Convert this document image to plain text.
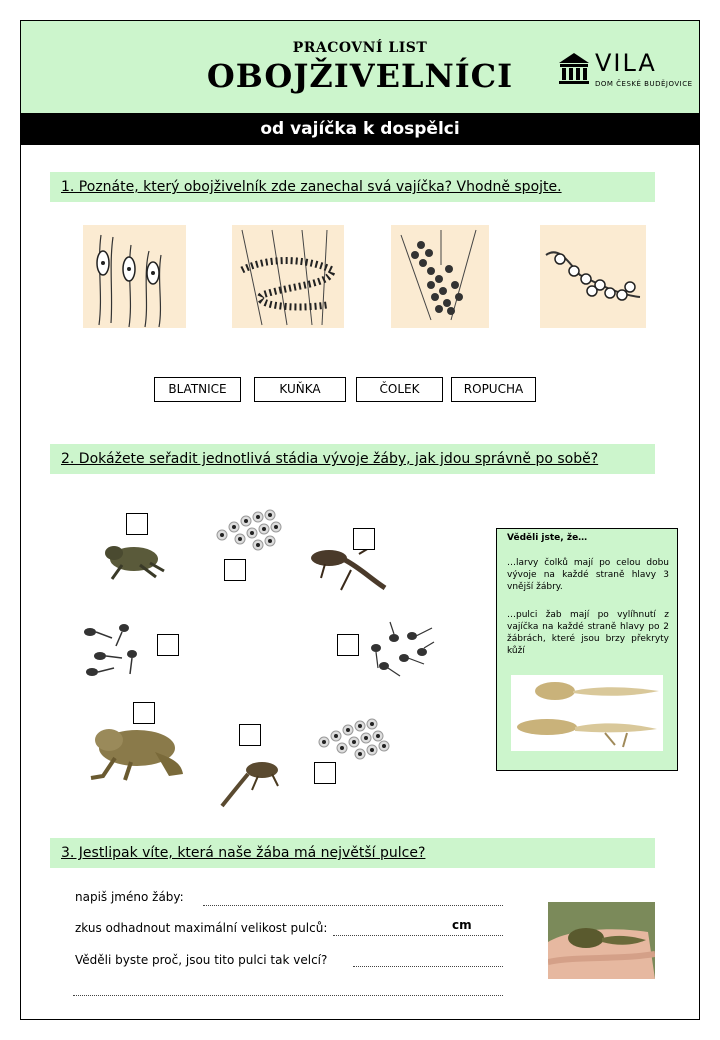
PRACOVNÍ LIST
OBOJŽIVELNÍCI	VILA
DOM ČESKÉ BUDĚJOVICE
od vajíčka k dospělci
1. Poznáte, který obojživelník zde zanechal svá vajíčka? Vhodně spojte.
BLATNICE	KUŇKA	ČOLEK	ROPUCHA
2. Dokážete seřadit jednotlivá stádia vývoje žáby, jak jdou správně po sobě?
Věděli jste, že…
…larvy čolků mají po celou dobu vývoje na každé straně hlavy 3 vnější žábry.
…pulci žab mají po vylíhnutí z vajíčka na každé straně hlavy po 2 žábrách, které jsou brzy překryty kůží
3. Jestlipak víte, která naše žába má největší pulce?
napiš jméno žáby:
zkus odhadnout maximální velikost pulců:	cm
Věděli byste proč, jsou tito pulci tak velcí?
